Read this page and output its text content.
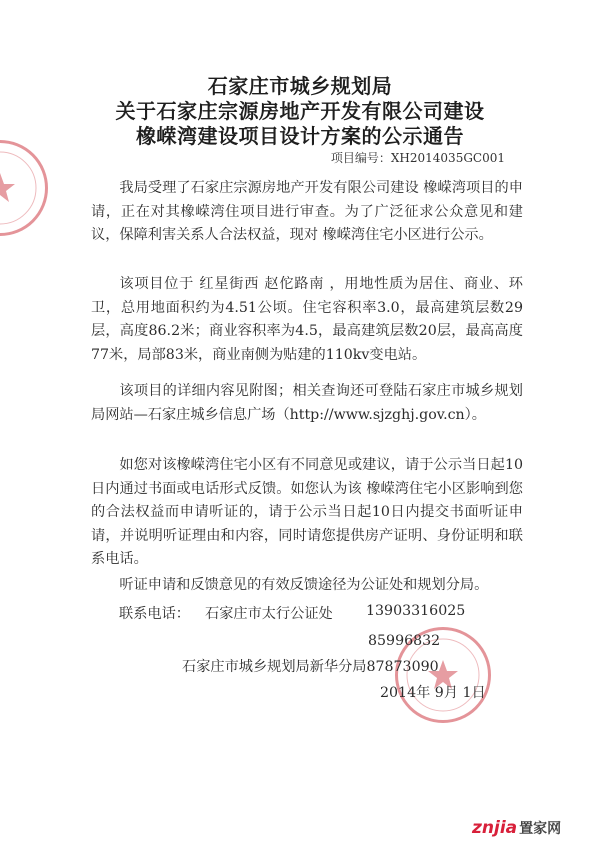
石家庄市城乡规划局
关于石家庄宗源房地产开发有限公司建设
橡嵘湾建设项目设计方案的公示通告
项目编号：XH2014035GC001

我局受理了石家庄宗源房地产开发有限公司建设 橡嵘湾项目的申请，正在对其橡嵘湾住项目进行审查。为了广泛征求公众意见和建议，保障利害关系人合法权益，现对 橡嵘湾住宅小区进行公示。

该项目位于 红星街西 赵佗路南 ，用地性质为居住、商业、环卫，总用地面积约为4.51公顷。住宅容积率3.0，最高建筑层数29层，高度86.2米；商业容积率为4.5，最高建筑层数20层，最高高度77米，局部83米，商业南侧为贴建的110kv变电站。

该项目的详细内容见附图；相关查询还可登陆石家庄市城乡规划局网站—石家庄城乡信息广场（http://www.sjzghj.gov.cn）。

如您对该橡嵘湾住宅小区有不同意见或建议，请于公示当日起10日内通过书面或电话形式反馈。如您认为该 橡嵘湾住宅小区影响到您的合法权益而申请听证的，请于公示当日起10日内提交书面听证申请，并说明听证理由和内容，同时请您提供房产证明、身份证明和联系电话。

听证申请和反馈意见的有效反馈途径为公证处和规划分局。

联系电话： 石家庄市太行公证处 13903316025
85996832
石家庄市城乡规划局新华分局87873090
2014年 9月 1日
znjia 置家网
